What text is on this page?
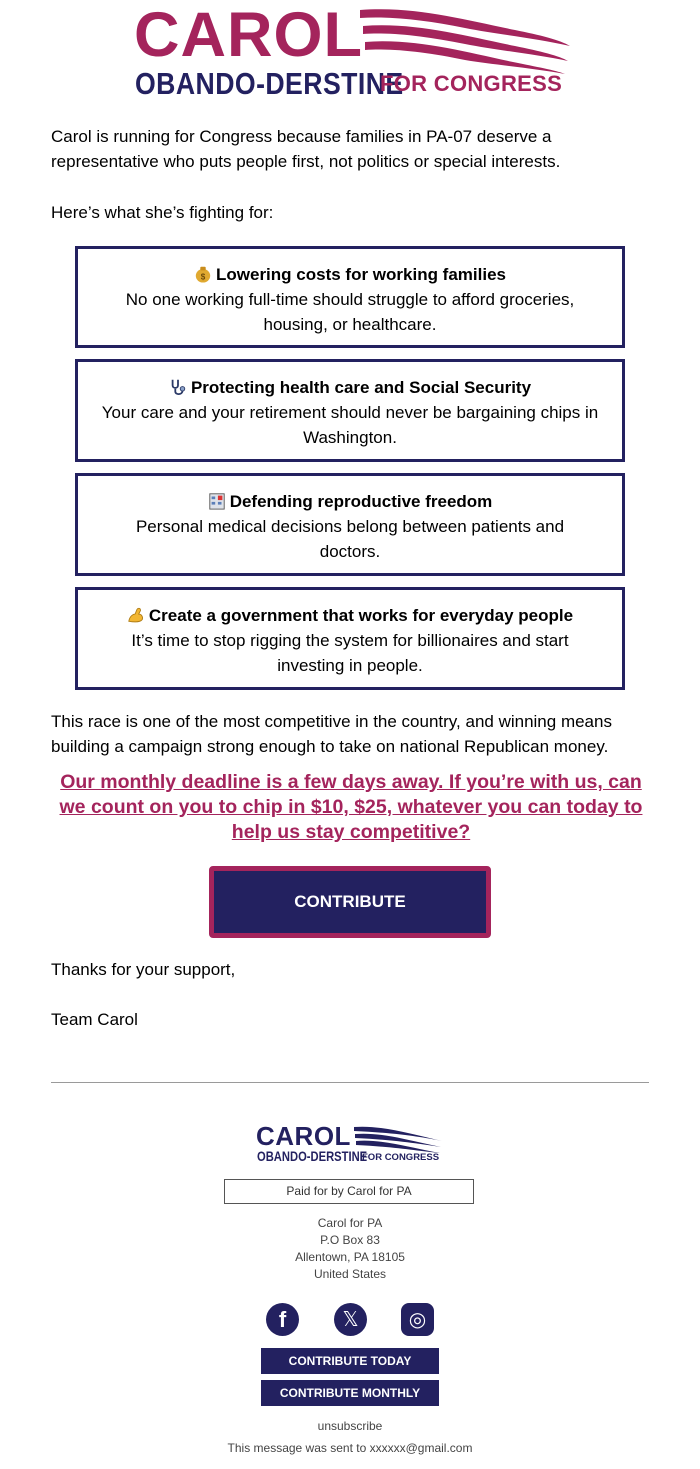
CAROL
OBANDO-DERSTINE
FOR CONGRESS

Carol is running for Congress because families in PA-07 deserve a representative who puts people first, not politics or special interests.

Here’s what she’s fighting for:

$ Lowering costs for working families
No one working full-time should struggle to afford groceries, housing, or healthcare.
Protecting health care and Social Security
Your care and your retirement should never be bargaining chips in Washington.
Defending reproductive freedom
Personal medical decisions belong between patients and doctors.
Create a government that works for everyday people
It’s time to stop rigging the system for billionaires and start investing in people.

This race is one of the most competitive in the country, and winning means building a campaign strong enough to take on national Republican money.

Our monthly deadline is a few days away. If you’re with us, can we count on you to chip in $10, $25, whatever you can today to help us stay competitive?
CONTRIBUTE

Thanks for your support,

Team Carol

CAROL
OBANDO-DERSTINE
FOR CONGRESS
Paid for by Carol for PA
Carol for PA
P.O Box 83
Allentown, PA 18105
United States
f	𝕏	◎
CONTRIBUTE TODAY
CONTRIBUTE MONTHLY
unsubscribe
This message was sent to xxxxxx@gmail.com
